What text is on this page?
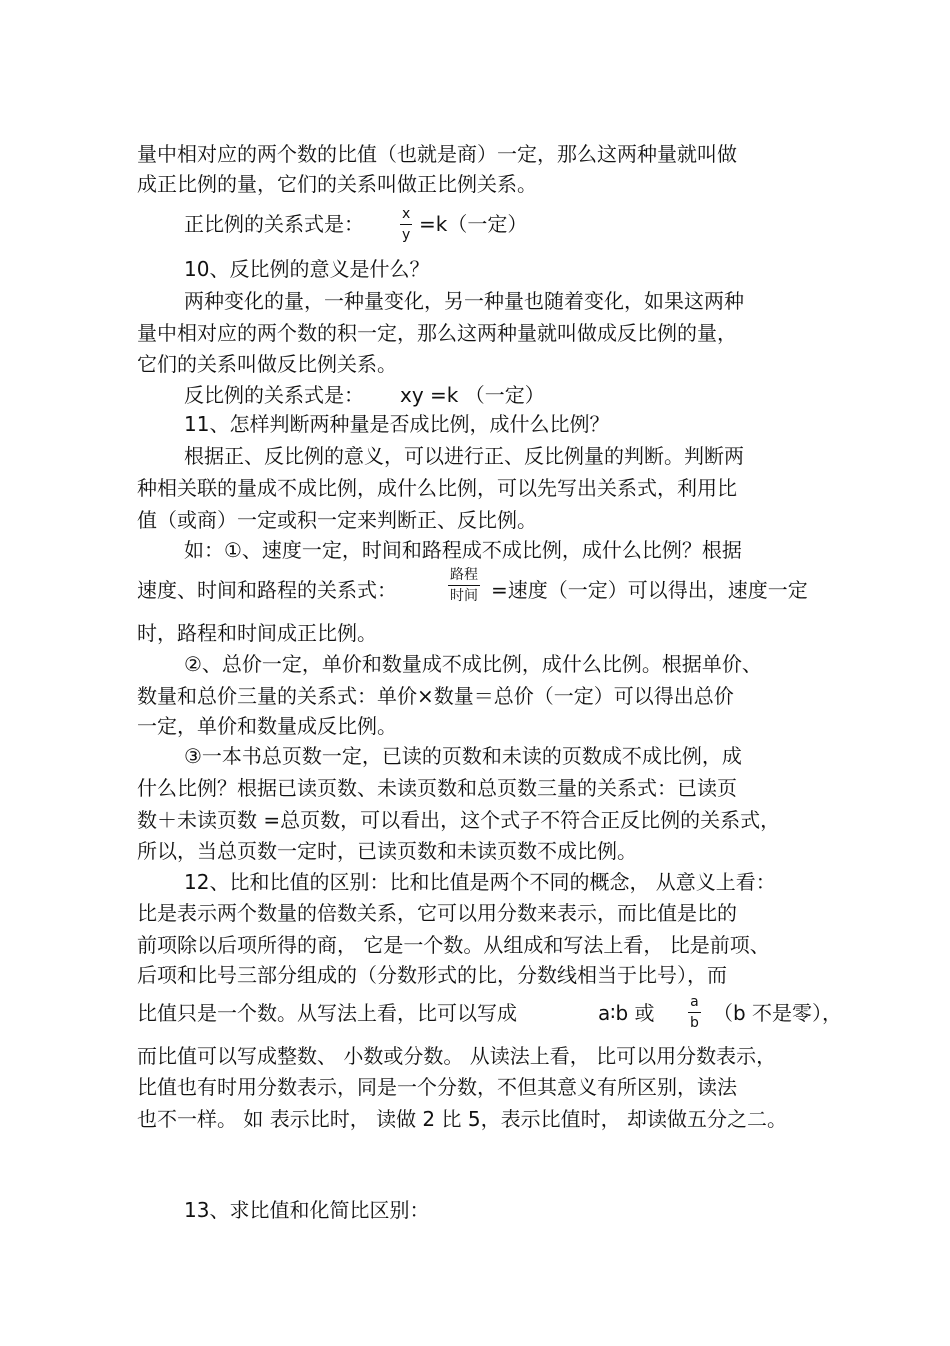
量中相对应的两个数的比值（也就是商）一定，那么这两种量就叫做
成正比例的量，它们的关系叫做正比例关系。
正比例的关系式是：	$\frac{x}{y} =k$（一定）
10、反比例的意义是什么？
两种变化的量，一种量变化，另一种量也随着变化，如果这两种
量中相对应的两个数的积一定，那么这两种量就叫做成反比例的量，
它们的关系叫做反比例关系。
反比例的关系式是： xy =k （一定）
11、怎样判断两种量是否成比例，成什么比例？
根据正、反比例的意义，可以进行正、反比例量的判断。判断两
种相关联的量成不成比例，成什么比例，可以先写出关系式，利用比
值（或商）一定或积一定来判断正、反比例。
如：①、速度一定，时间和路程成不成比例，成什么比例？根据
速度、时间和路程的关系式：
路程
时间 =速度（一定）可以得出，速度一定
时，路程和时间成正比例。
②、总价一定，单价和数量成不成比例，成什么比例。根据单价、
数量和总价三量的关系式：单价×数量＝总价（一定）可以得出总价
一定，单价和数量成反比例。
③一本书总页数一定，已读的页数和未读的页数成不成比例，成
什么比例？根据已读页数、未读页数和总页数三量的关系式：已读页
数＋未读页数 =总页数，可以看出，这个式子不符合正反比例的关系式，
所以，当总页数一定时，已读页数和未读页数不成比例。
12、比和比值的区别：比和比值是两个不同的概念， 从意义上看：
比是表示两个数量的倍数关系，它可以用分数来表示，而比值是比的
前项除以后项所得的商， 它是一个数。从组成和写法上看， 比是前项、
后项和比号三部分组成的（分数形式的比，分数线相当于比号），而
比值只是一个数。从写法上看，比可以写成	a∶b 或 $\frac{a}{b} (b$ 不是零），
而比值可以写成整数、 小数或分数。 从读法上看， 比可以用分数表示，
比值也有时用分数表示，同是一个分数，不但其意义有所区别，读法
也不一样。 如 表示比时， 读做 2 比 5，表示比值时， 却读做五分之二。
13、求比值和化简比区别：
